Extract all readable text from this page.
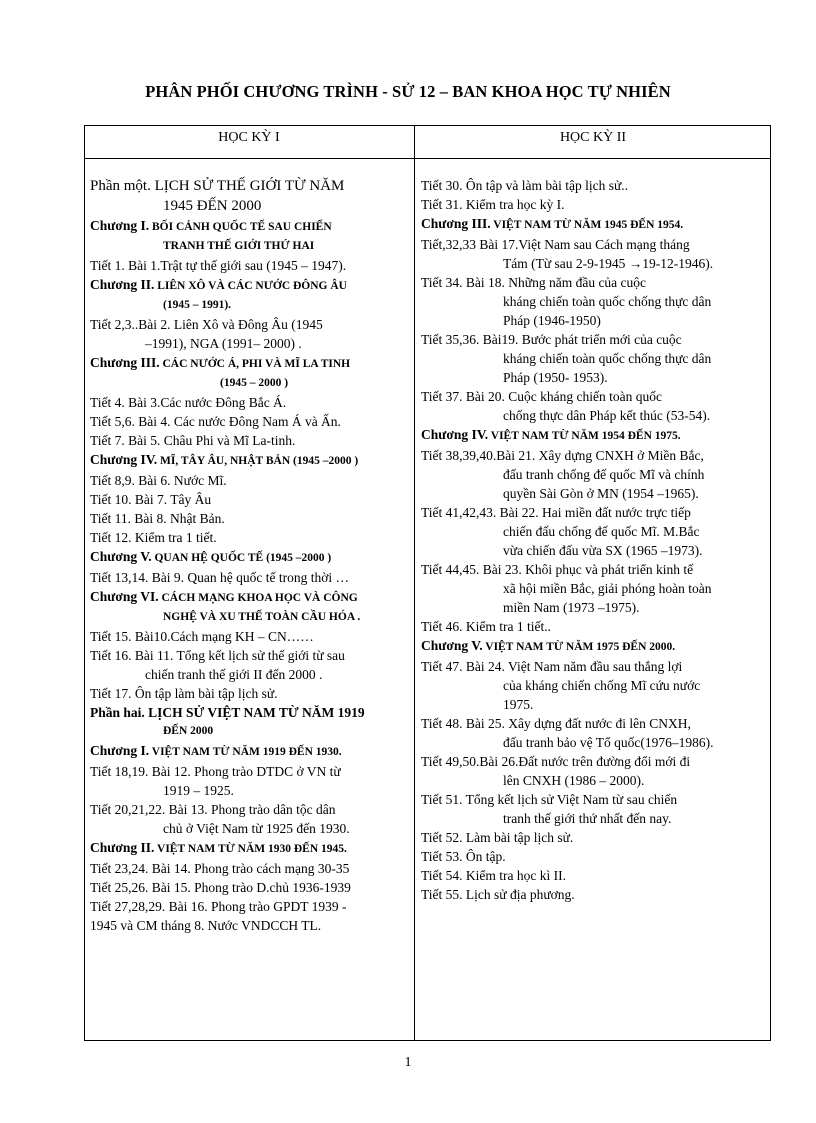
PHÂN PHỐI CHƯƠNG TRÌNH - SỬ 12 – BAN KHOA HỌC TỰ NHIÊN
HỌC KỲ I	HỌC KỲ II
Phần một. LỊCH SỬ THẾ GIỚI TỪ NĂM
1945 ĐẾN 2000
Chương I. BỐI CẢNH QUỐC TẾ SAU CHIẾN
TRANH THẾ GIỚI THỨ HAI
Tiết 1. Bài 1.Trật tự thế giới sau (1945 – 1947).
Chương II. LIÊN XÔ VÀ CÁC NƯỚC ĐÔNG ÂU
(1945 – 1991).
Tiết 2,3..Bài 2. Liên Xô và Đông Âu (1945
–1991), NGA (1991– 2000) .
Chương III. CÁC NƯỚC Á, PHI VÀ MĨ LA TINH
(1945 – 2000 )
Tiết 4. Bài 3.Các nước Đông Bắc Á.
Tiết 5,6. Bài 4. Các nước Đông Nam Á và Ấn.
Tiết 7. Bài 5. Châu Phi và Mĩ La-tinh.
Chương IV. MĨ, TÂY ÂU, NHẬT BẢN (1945 –2000 )
Tiết 8,9. Bài 6. Nước Mĩ.
Tiết 10. Bài 7. Tây Âu
Tiết 11. Bài 8. Nhật Bản.
Tiết 12. Kiểm tra 1 tiết.
Chương V. QUAN HỆ QUỐC TẾ (1945 –2000 )
Tiết 13,14. Bài 9. Quan hệ quốc tế trong thời …
Chương VI. CÁCH MẠNG KHOA HỌC VÀ CÔNG
NGHỆ VÀ XU THẾ TOÀN CẦU HÓA .
Tiết 15. Bài10.Cách mạng KH – CN……
Tiết 16. Bài 11. Tổng kết lịch sử thế giới từ sau
chiến tranh thế giới II đến 2000 .
Tiết 17. Ôn tập làm bài tập lịch sử.
Phần hai. LỊCH SỬ VIỆT NAM TỪ NĂM 1919
ĐẾN 2000
Chương I. VIỆT NAM TỪ NĂM 1919 ĐẾN 1930.
Tiết 18,19. Bài 12. Phong trào DTDC ở VN từ
1919 – 1925.
Tiết 20,21,22. Bài 13. Phong trào dân tộc dân
chủ ở Việt Nam từ 1925 đến 1930.
Chương II. VIỆT NAM TỪ NĂM 1930 ĐẾN 1945.
Tiết 23,24. Bài 14. Phong trào cách mạng 30-35
Tiết 25,26. Bài 15. Phong trào D.chủ 1936-1939
Tiết 27,28,29. Bài 16. Phong trào GPDT 1939 -
1945 và CM tháng 8. Nước VNDCCH TL.
Tiết 30. Ôn tập và làm bài tập lịch sử..
Tiết 31. Kiểm tra học kỳ I.
Chương III. VIỆT NAM TỪ NĂM 1945 ĐẾN 1954.
Tiết,32,33 Bài 17.Việt Nam sau Cách mạng tháng
Tám (Từ sau 2-9-1945 →19-12-1946).
Tiết 34. Bài 18. Những năm đầu của cuộc
kháng chiến toàn quốc chống thực dân
Pháp (1946-1950)
Tiết 35,36. Bài19. Bước phát triển mới của cuộc
kháng chiến toàn quốc chống thực dân
Pháp (1950- 1953).
Tiết 37. Bài 20. Cuộc kháng chiến toàn quốc
chống thực dân Pháp kết thúc (53-54).
Chương IV. VIỆT NAM TỪ NĂM 1954 ĐẾN 1975.
Tiết 38,39,40.Bài 21. Xây dựng CNXH ở Miền Bắc,
đấu tranh chống đế quốc Mĩ và chính
quyền Sài Gòn ở MN (1954 –1965).
Tiết 41,42,43. Bài 22. Hai miền đất nước trực tiếp
chiến đấu chống đế quốc Mĩ. M.Bắc
vừa chiến đấu vừa SX (1965 –1973).
Tiết 44,45. Bài 23. Khôi phục và phát triển kinh tế
xã hội miền Bắc, giải phóng hoàn toàn
miền Nam (1973 –1975).
Tiết 46. Kiểm tra 1 tiết..
Chương V. VIỆT NAM TỪ NĂM 1975 ĐẾN 2000.
Tiết 47. Bài 24. Việt Nam năm đầu sau thắng lợi
của kháng chiến chống Mĩ cứu nước
1975.
Tiết 48. Bài 25. Xây dựng đất nước đi lên CNXH,
đấu tranh bảo vệ Tổ quốc(1976–1986).
Tiết 49,50.Bài 26.Đất nước trên đường đổi mới đi
lên CNXH (1986 – 2000).
Tiết 51. Tổng kết lịch sử Việt Nam từ sau chiến
tranh thế giới thứ nhất đến nay.
Tiết 52. Làm bài tập lịch sử.
Tiết 53. Ôn tập.
Tiết 54. Kiểm tra học kì II.
Tiết 55. Lịch sử địa phương.
1
